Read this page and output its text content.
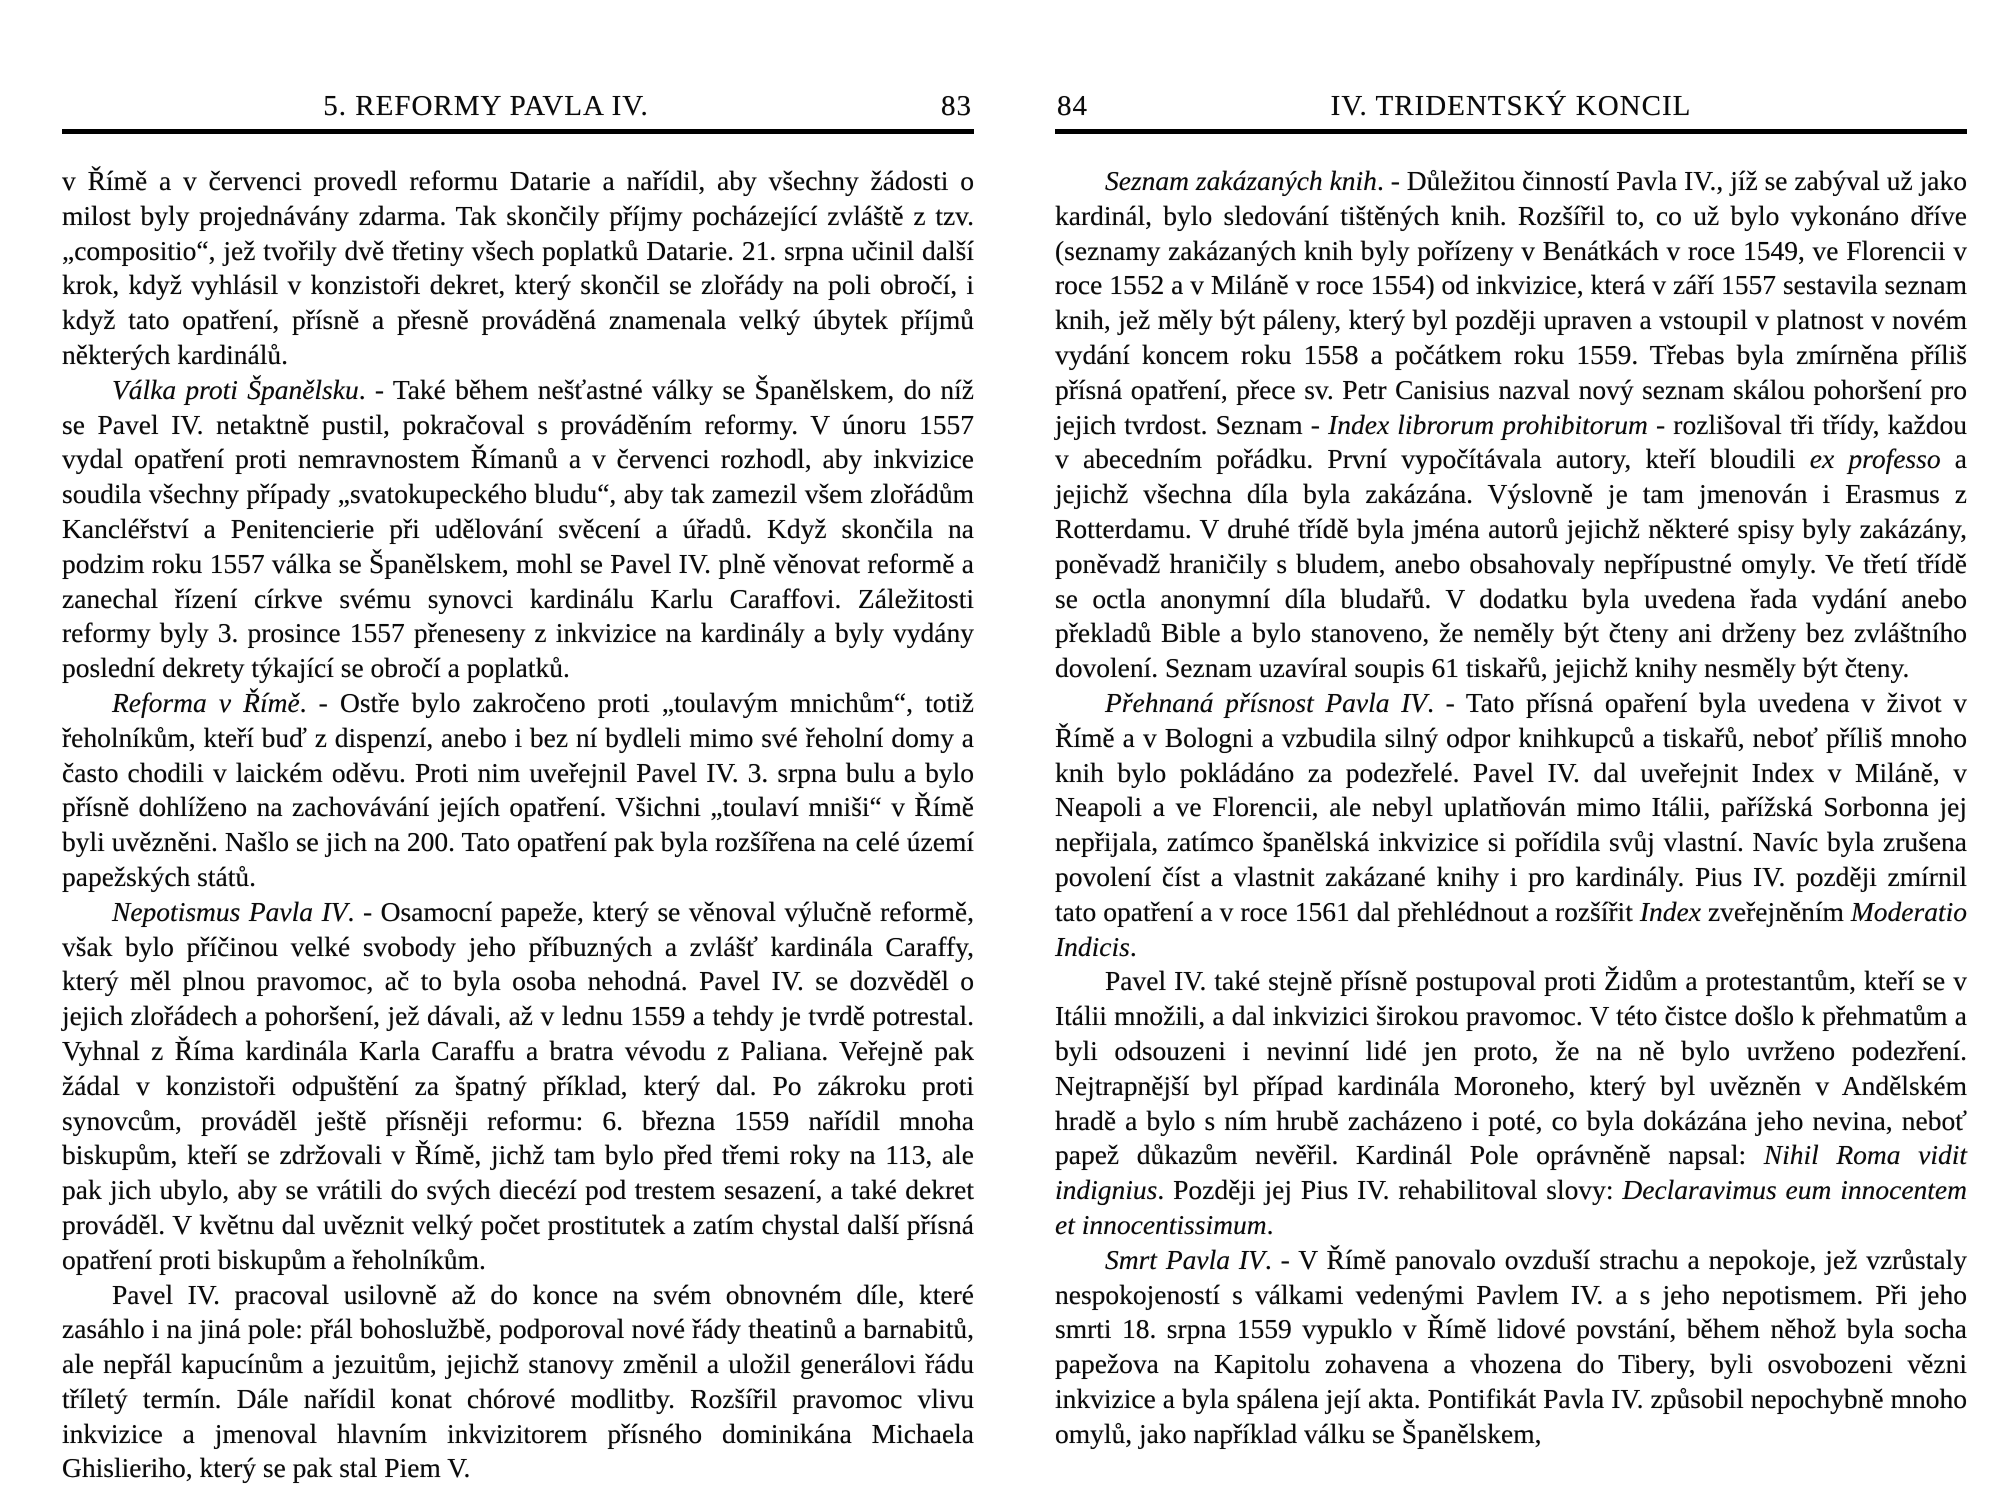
5. REFORMY PAVLA IV.	83

v Římě a v červenci provedl reformu Datarie a nařídil, aby všechny žádosti o milost byly projednávány zdarma. Tak skončily příjmy pocházející zvláště z tzv. „compositio“, jež tvořily dvě třetiny všech poplatků Datarie. 21. srpna učinil další krok, když vyhlásil v konzistoři dekret, který skončil se zlořády na poli obročí, i když tato opatření, přísně a přesně prováděná znamenala velký úbytek příjmů některých kardinálů.

Válka proti Španělsku. - Také během nešťastné války se Španělskem, do níž se Pavel IV. netaktně pustil, pokračoval s prováděním reformy. V únoru 1557 vydal opatření proti nemravnostem Římanů a v červenci rozhodl, aby inkvizice soudila všechny případy „svatokupeckého bludu“, aby tak zamezil všem zlořádům Kancléřství a Penitencierie při udělování svěcení a úřadů. Když skončila na podzim roku 1557 válka se Španělskem, mohl se Pavel IV. plně věnovat reformě a zanechal řízení církve svému synovci kardinálu Karlu Caraffovi. Záležitosti reformy byly 3. prosince 1557 přeneseny z inkvizice na kardinály a byly vydány poslední dekrety týkající se obročí a poplatků.

Reforma v Římě. - Ostře bylo zakročeno proti „toulavým mnichům“, totiž řeholníkům, kteří buď z dispenzí, anebo i bez ní bydleli mimo své řeholní domy a často chodili v laickém oděvu. Proti nim uveřejnil Pavel IV. 3. srpna bulu a bylo přísně dohlíženo na zachovávání jejích opatření. Všichni „toulaví mniši“ v Římě byli uvězněni. Našlo se jich na 200. Tato opatření pak byla rozšířena na celé území papežských států.

Nepotismus Pavla IV. - Osamocní papeže, který se věnoval výlučně reformě, však bylo příčinou velké svobody jeho příbuzných a zvlášť kardinála Caraffy, který měl plnou pravomoc, ač to byla osoba nehodná. Pavel IV. se dozvěděl o jejich zlořádech a pohoršení, jež dávali, až v lednu 1559 a tehdy je tvrdě potrestal. Vyhnal z Říma kardinála Karla Caraffu a bratra vévodu z Paliana. Veřejně pak žádal v konzistoři odpuštění za špatný příklad, který dal. Po zákroku proti synovcům, prováděl ještě přísněji reformu: 6. března 1559 nařídil mnoha biskupům, kteří se zdržovali v Římě, jichž tam bylo před třemi roky na 113, ale pak jich ubylo, aby se vrátili do svých diecézí pod trestem sesazení, a také dekret prováděl. V květnu dal uvěznit velký počet prostitutek a zatím chystal další přísná opatření proti biskupům a řeholníkům.

Pavel IV. pracoval usilovně až do konce na svém obnovném díle, které zasáhlo i na jiná pole: přál bohoslužbě, podporoval nové řády theatinů a barnabitů, ale nepřál kapucínům a jezuitům, jejichž stanovy změnil a uložil generálovi řádu tříletý termín. Dále nařídil konat chórové modlitby. Rozšířil pravomoc vlivu inkvizice a jmenoval hlavním inkvizitorem přísného dominikána Michaela Ghislieriho, který se pak stal Piem V.

IV. TRIDENTSKÝ KONCIL
84

Seznam zakázaných knih. - Důležitou činností Pavla IV., jíž se zabýval už jako kardinál, bylo sledování tištěných knih. Rozšířil to, co už bylo vykonáno dříve (seznamy zakázaných knih byly pořízeny v Benátkách v roce 1549, ve Florencii v roce 1552 a v Miláně v roce 1554) od inkvizice, která v září 1557 sestavila seznam knih, jež měly být páleny, který byl později upraven a vstoupil v platnost v novém vydání koncem roku 1558 a počátkem roku 1559. Třebas byla zmírněna příliš přísná opatření, přece sv. Petr Canisius nazval nový seznam skálou pohoršení pro jejich tvrdost. Seznam - Index librorum prohibitorum - rozlišoval tři třídy, každou v abecedním pořádku. První vypočítávala autory, kteří bloudili ex professo a jejichž všechna díla byla zakázána. Výslovně je tam jmenován i Erasmus z Rotterdamu. V druhé třídě byla jména autorů jejichž některé spisy byly zakázány, poněvadž hraničily s bludem, anebo obsahovaly nepřípustné omyly. Ve třetí třídě se octla anonymní díla bludařů. V dodatku byla uvedena řada vydání anebo překladů Bible a bylo stanoveno, že neměly být čteny ani drženy bez zvláštního dovolení. Seznam uzavíral soupis 61 tiskařů, jejichž knihy nesměly být čteny.

Přehnaná přísnost Pavla IV. - Tato přísná opaření byla uvedena v život v Římě a v Bologni a vzbudila silný odpor knihkupců a tiskařů, neboť příliš mnoho knih bylo pokládáno za podezřelé. Pavel IV. dal uveřejnit Index v Miláně, v Neapoli a ve Florencii, ale nebyl uplatňován mimo Itálii, pařížská Sorbonna jej nepřijala, zatímco španělská inkvizice si pořídila svůj vlastní. Navíc byla zrušena povolení číst a vlastnit zakázané knihy i pro kardinály. Pius IV. později zmírnil tato opatření a v roce 1561 dal přehlédnout a rozšířit Index zveřejněním Moderatio Indicis.

Pavel IV. také stejně přísně postupoval proti Židům a protestantům, kteří se v Itálii množili, a dal inkvizici širokou pravomoc. V této čistce došlo k přehmatům a byli odsouzeni i nevinní lidé jen proto, že na ně bylo uvrženo podezření. Nejtrapnější byl případ kardinála Moroneho, který byl uvězněn v Andělském hradě a bylo s ním hrubě zacházeno i poté, co byla dokázána jeho nevina, neboť papež důkazům nevěřil. Kardinál Pole oprávněně napsal: Nihil Roma vidit indignius. Později jej Pius IV. rehabilitoval slovy: Declaravimus eum innocentem et innocentissimum.

Smrt Pavla IV. - V Římě panovalo ovzduší strachu a nepokoje, jež vzrůstaly nespokojeností s válkami vedenými Pavlem IV. a s jeho nepotismem. Při jeho smrti 18. srpna 1559 vypuklo v Římě lidové povstání, během něhož byla socha papežova na Kapitolu zohavena a vhozena do Tibery, byli osvobozeni vězni inkvizice a byla spálena její akta. Pontifikát Pavla IV. způsobil nepochybně mnoho omylů, jako například válku se Španělskem,
